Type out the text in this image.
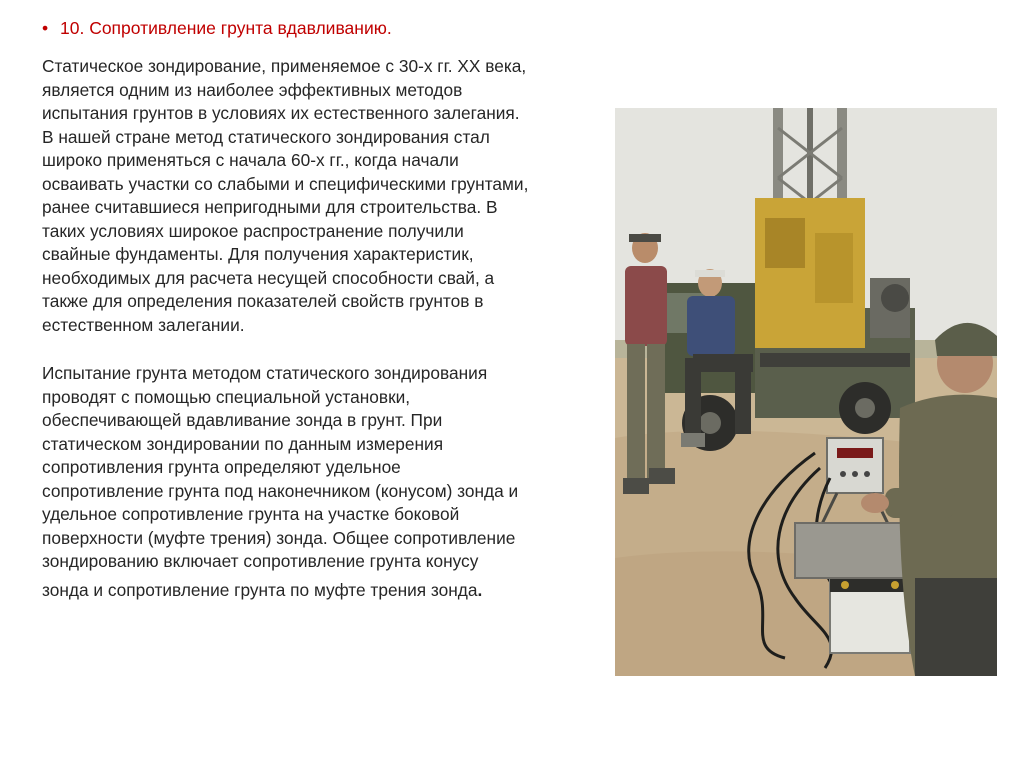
• 10. Сопротивление грунта вдавливанию.
Статическое зондирование, применяемое с 30-х гг. XX века,
является одним из наиболее эффективных методов
испытания грунтов в условиях их естественного залегания.
В нашей стране метод статического зондирования стал
широко применяться с начала 60-х гг., когда начали
осваивать участки со слабыми и специфическими грунтами,
ранее считавшиеся непригодными для строительства. В
таких условиях широкое распространение получили
свайные фундаменты. Для получения характеристик,
необходимых для расчета несущей способности свай, а
также для определения показателей свойств грунтов в
естественном залегании.
Испытание грунта методом статического зондирования
проводят с помощью специальной установки,
обеспечивающей вдавливание зонда в грунт. При
статическом зондировании по данным измерения
сопротивления грунта определяют удельное
сопротивление грунта под наконечником (конусом) зонда и
удельное сопротивление грунта на участке боковой
поверхности (муфте трения) зонда. Общее сопротивление
зондированию включает сопротивление грунта конусу
зонда и сопротивление грунта по муфте трения зонда.
